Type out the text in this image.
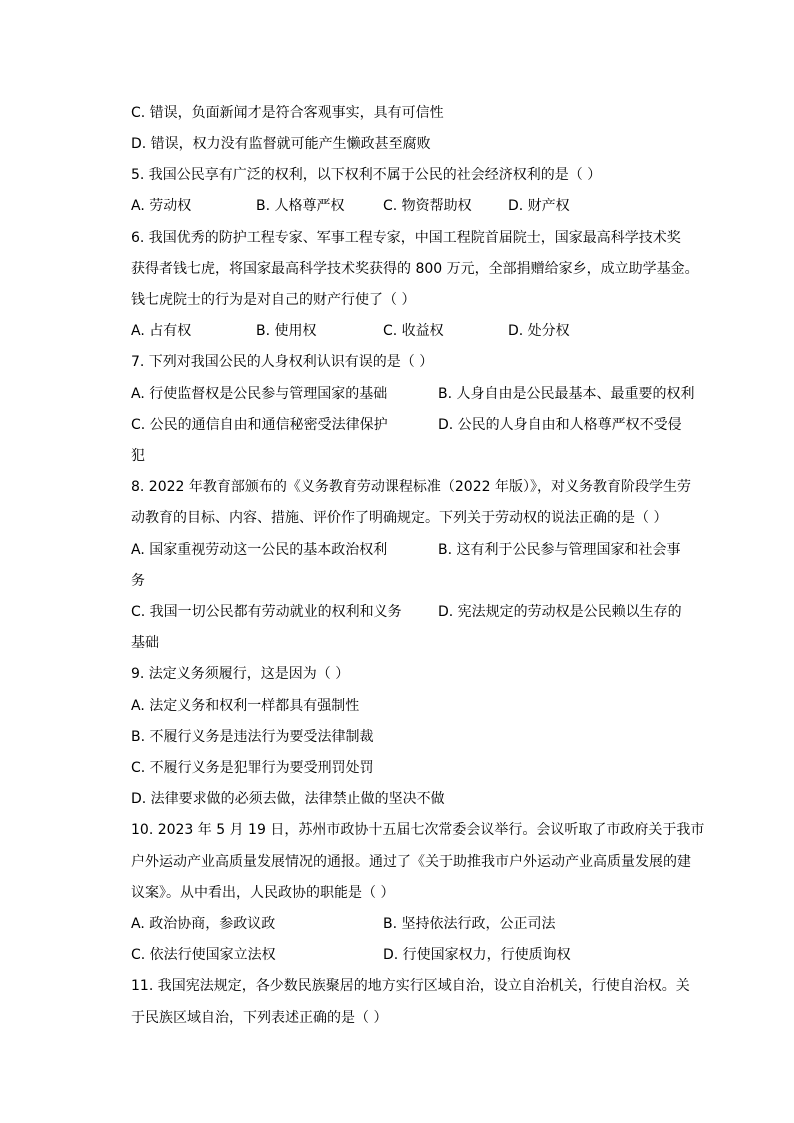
C. 错误，负面新闻才是符合客观事实，具有可信性
D. 错误，权力没有监督就可能产生懒政甚至腐败
5. 我国公民享有广泛的权利，以下权利不属于公民的社会经济权利的是（ ）
A. 劳动权	B. 人格尊严权	C. 物资帮助权	D. 财产权
6. 我国优秀的防护工程专家、军事工程专家，中国工程院首届院士，国家最高科学技术奖
获得者钱七虎，将国家最高科学技术奖获得的 800 万元，全部捐赠给家乡，成立助学基金。
钱七虎院士的行为是对自己的财产行使了（ ）
A. 占有权	B. 使用权	C. 收益权	D. 处分权
7. 下列对我国公民的人身权利认识有误的是（ ）
A. 行使监督权是公民参与管理国家的基础	B. 人身自由是公民最基本、最重要的权利
C. 公民的通信自由和通信秘密受法律保护	D. 公民的人身自由和人格尊严权不受侵
犯
8. 2022 年教育部颁布的《义务教育劳动课程标准（2022 年版）》，对义务教育阶段学生劳
动教育的目标、内容、措施、评价作了明确规定。下列关于劳动权的说法正确的是（ ）
A. 国家重视劳动这一公民的基本政治权利	B. 这有利于公民参与管理国家和社会事
务
C. 我国一切公民都有劳动就业的权利和义务	D. 宪法规定的劳动权是公民赖以生存的
基础
9. 法定义务须履行，这是因为（ ）
A. 法定义务和权利一样都具有强制性
B. 不履行义务是违法行为要受法律制裁
C. 不履行义务是犯罪行为要受刑罚处罚
D. 法律要求做的必须去做，法律禁止做的坚决不做
10. 2023 年 5 月 19 日，苏州市政协十五届七次常委会议举行。会议听取了市政府关于我市
户外运动产业高质量发展情况的通报。通过了《关于助推我市户外运动产业高质量发展的建
议案》。从中看出，人民政协的职能是（ ）
A. 政治协商，参政议政	B. 坚持依法行政，公正司法
C. 依法行使国家立法权	D. 行使国家权力，行使质询权
11. 我国宪法规定，各少数民族聚居的地方实行区域自治，设立自治机关，行使自治权。关
于民族区域自治，下列表述正确的是（ ）
